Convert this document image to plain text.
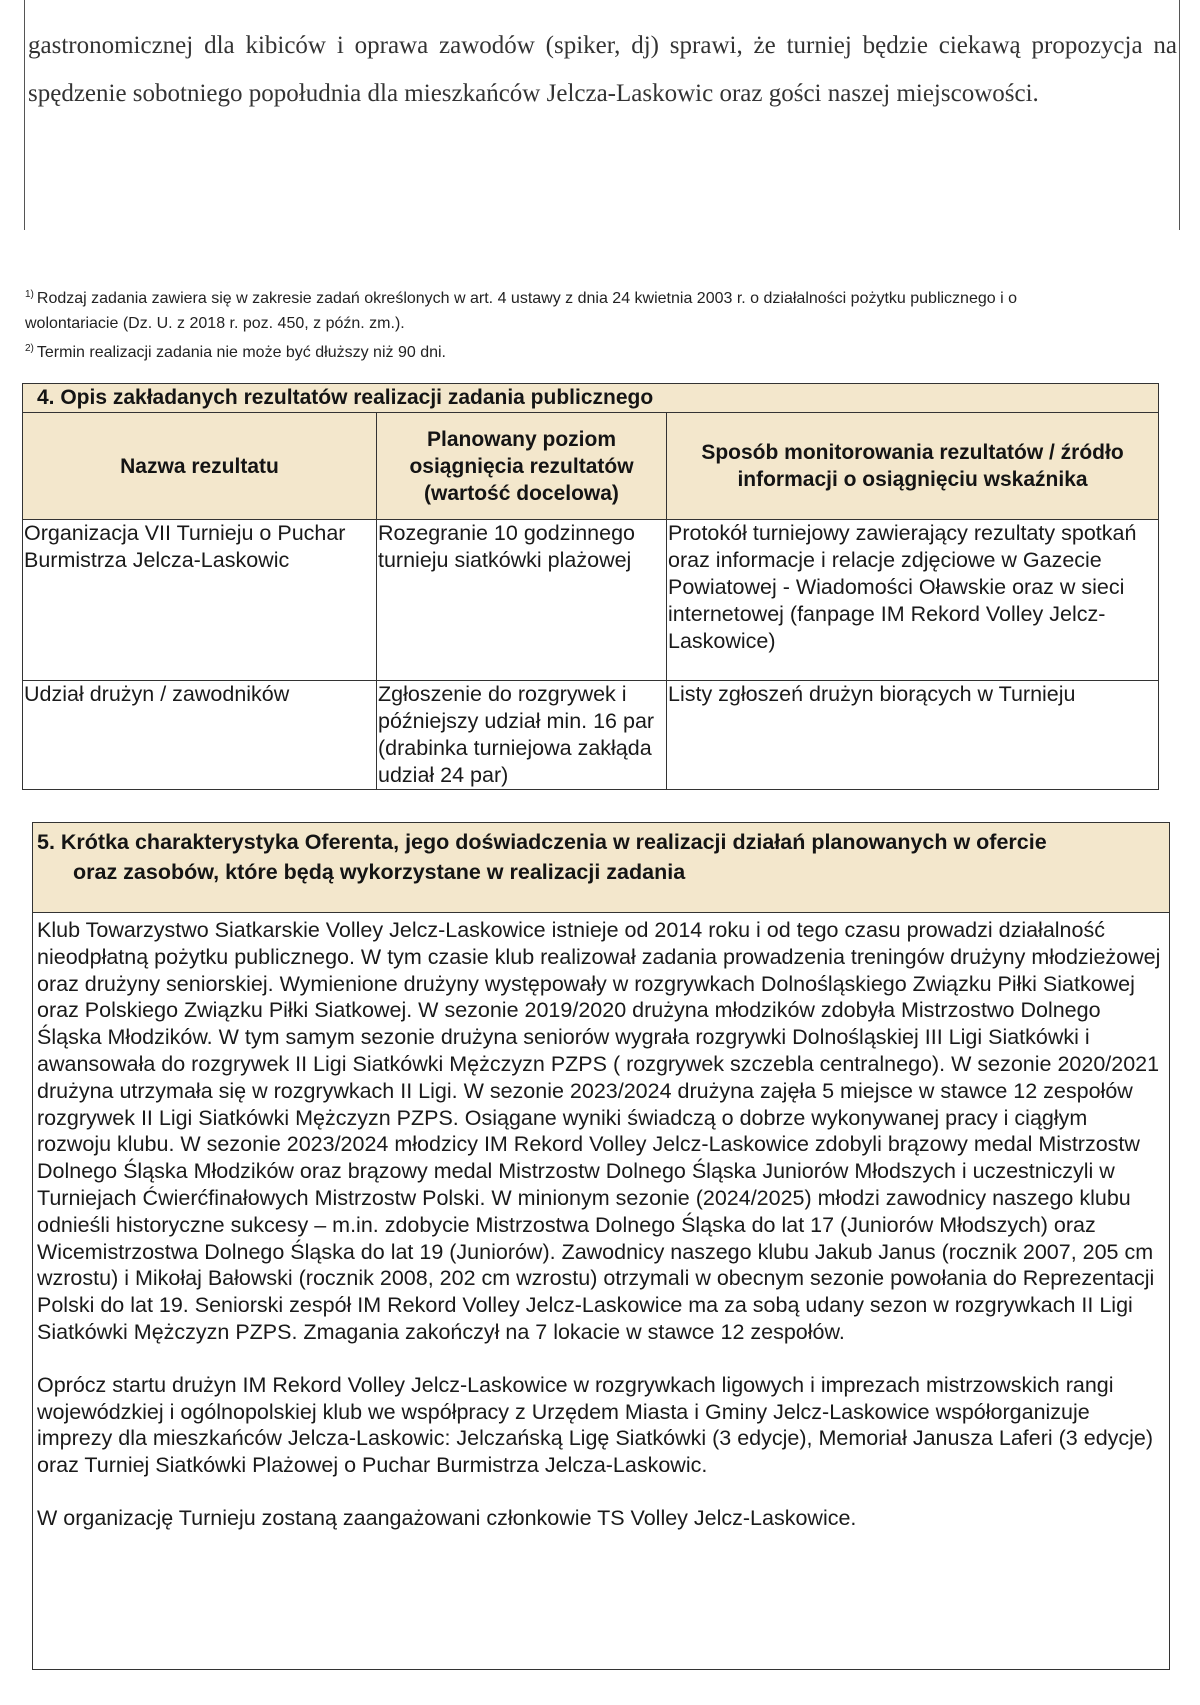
gastronomicznej dla kibiców i oprawa zawodów (spiker, dj) sprawi, że turniej będzie ciekawą propozycja na spędzenie sobotniego popołudnia dla mieszkańców Jelcza-Laskowic oraz gości naszej miejscowości.
$^{1)}$ Rodzaj zadania zawiera się w zakresie zadań określonych w art. 4 ustawy z dnia 24 kwietnia 2003 r. o działalności pożytku publicznego i o wolontariacie (Dz. U. z 2018 r. poz. 450, z późn. zm.).
$^{2)}$ Termin realizacji zadania nie może być dłuższy niż 90 dni.
4. Opis zakładanych rezultatów realizacji zadania publicznego		
Nazwa rezultatu	Planowany poziom osiągnięcia rezultatów (wartość docelowa)	Sposób monitorowania rezultatów / źródło informacji o osiągnięciu wskaźnika
Organizacja VII Turnieju o Puchar Burmistrza Jelcza-Laskowic	Rozegranie 10 godzinnego turnieju siatkówki plażowej	Protokół turniejowy zawierający rezultaty spotkań oraz informacje i relacje zdjęciowe w Gazecie Powiatowej - Wiadomości Oławskie oraz w sieci internetowej (fanpage IM Rekord Volley Jelcz-Laskowice)
Udział drużyn / zawodników	Zgłoszenie do rozgrywek i późniejszy udział min. 16 par (drabinka turniejowa zakłąda udział 24 par)	Listy zgłoszeń drużyn biorących w Turnieju
5. Krótka charakterystyka Oferenta, jego doświadczenia w realizacji działań planowanych w ofercie
oraz zasobów, które będą wykorzystane w realizacji zadania

Klub Towarzystwo Siatkarskie Volley Jelcz-Laskowice istnieje od 2014 roku i od tego czasu prowadzi działalność nieodpłatną pożytku publicznego. W tym czasie klub realizował zadania prowadzenia treningów drużyny młodzieżowej oraz drużyny seniorskiej. Wymienione drużyny występowały w rozgrywkach Dolnośląskiego Związku Piłki Siatkowej oraz Polskiego Związku Piłki Siatkowej. W sezonie 2019/2020 drużyna młodzików zdobyła Mistrzostwo Dolnego Śląska Młodzików. W tym samym sezonie drużyna seniorów wygrała rozgrywki Dolnośląskiej III Ligi Siatkówki i awansowała do rozgrywek II Ligi Siatkówki Mężczyzn PZPS ( rozgrywek szczebla centralnego). W sezonie 2020/2021 drużyna utrzymała się w rozgrywkach II Ligi. W sezonie 2023/2024 drużyna zajęła 5 miejsce w stawce 12 zespołów rozgrywek II Ligi Siatkówki Mężczyzn PZPS. Osiągane wyniki świadczą o dobrze wykonywanej pracy i ciągłym rozwoju klubu. W sezonie 2023/2024 młodzicy IM Rekord Volley Jelcz-Laskowice zdobyli brązowy medal Mistrzostw Dolnego Śląska Młodzików oraz brązowy medal Mistrzostw Dolnego Śląska Juniorów Młodszych i uczestniczyli w Turniejach Ćwierćfinałowych Mistrzostw Polski. W minionym sezonie (2024/2025) młodzi zawodnicy naszego klubu odnieśli historyczne sukcesy – m.in. zdobycie Mistrzostwa Dolnego Śląska do lat 17 (Juniorów Młodszych) oraz Wicemistrzostwa Dolnego Śląska do lat 19 (Juniorów). Zawodnicy naszego klubu Jakub Janus (rocznik 2007, 205 cm wzrostu) i Mikołaj Bałowski (rocznik 2008, 202 cm wzrostu) otrzymali w obecnym sezonie powołania do Reprezentacji Polski do lat 19. Seniorski zespół IM Rekord Volley Jelcz-Laskowice ma za sobą udany sezon w rozgrywkach II Ligi Siatkówki Mężczyzn PZPS. Zmagania zakończył na 7 lokacie w stawce 12 zespołów.

Oprócz startu drużyn IM Rekord Volley Jelcz-Laskowice w rozgrywkach ligowych i imprezach mistrzowskich rangi wojewódzkiej i ogólnopolskiej klub we współpracy z Urzędem Miasta i Gminy Jelcz-Laskowice współorganizuje imprezy dla mieszkańców Jelcza-Laskowic: Jelczańską Ligę Siatkówki (3 edycje), Memoriał Janusza Laferi (3 edycje) oraz Turniej Siatkówki Plażowej o Puchar Burmistrza Jelcza-Laskowic.

W organizację Turnieju zostaną zaangażowani członkowie TS Volley Jelcz-Laskowice.
